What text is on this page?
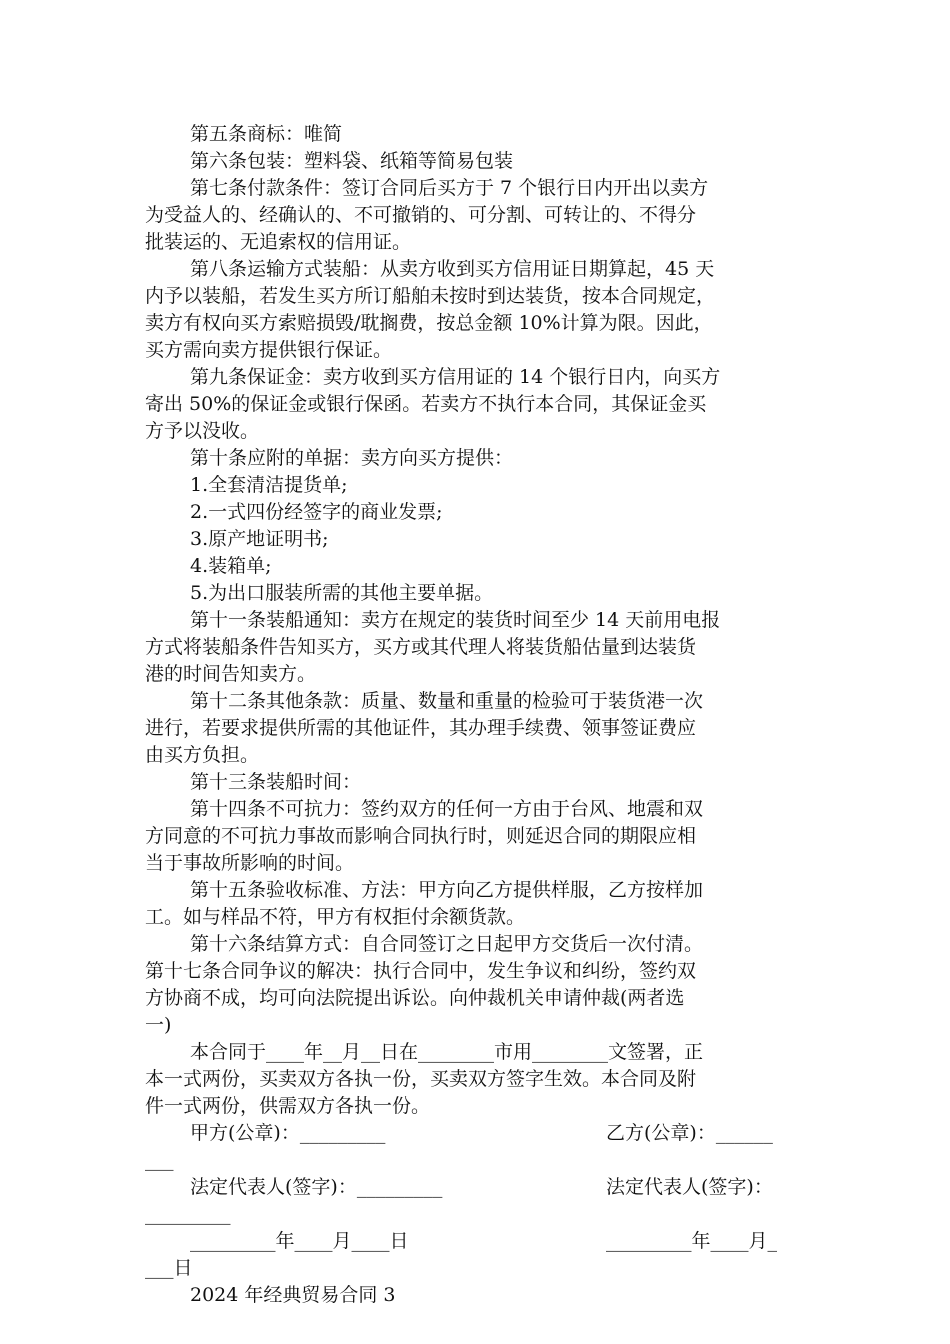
第五条商标：唯简
第六条包装：塑料袋、纸箱等简易包装
第七条付款条件：签订合同后买方于 7 个银行日内开出以卖方
为受益人的、经确认的、不可撤销的、可分割、可转让的、不得分
批装运的、无追索权的信用证。
第八条运输方式装船：从卖方收到买方信用证日期算起，45 天
内予以装船，若发生买方所订船舶未按时到达装货，按本合同规定，
卖方有权向买方索赔损毁/耽搁费，按总金额 10%计算为限。因此，
买方需向卖方提供银行保证。
第九条保证金：卖方收到买方信用证的 14 个银行日内，向买方
寄出 50%的保证金或银行保函。若卖方不执行本合同，其保证金买
方予以没收。
第十条应附的单据：卖方向买方提供：
1.全套清洁提货单;
2.一式四份经签字的商业发票;
3.原产地证明书;
4.装箱单;
5.为出口服装所需的其他主要单据。
第十一条装船通知：卖方在规定的装货时间至少 14 天前用电报
方式将装船条件告知买方，买方或其代理人将装货船估量到达装货
港的时间告知卖方。
第十二条其他条款：质量、数量和重量的检验可于装货港一次
进行，若要求提供所需的其他证件，其办理手续费、领事签证费应
由买方负担。
第十三条装船时间：
第十四条不可抗力：签约双方的任何一方由于台风、地震和双
方同意的不可抗力事故而影响合同执行时，则延迟合同的期限应相
当于事故所影响的时间。
第十五条验收标准、方法：甲方向乙方提供样服，乙方按样加
工。如与样品不符，甲方有权拒付余额货款。
第十六条结算方式：自合同签订之日起甲方交货后一次付清。
第十七条合同争议的解决：执行合同中，发生争议和纠纷，签约双
方协商不成，均可向法院提出诉讼。向仲裁机关申请仲裁(两者选
一)
本合同于____年__月__日在________市用________文签署，正
本一式两份，买卖双方各执一份，买卖双方签字生效。本合同及附
件一式两份，供需双方各执一份。
甲方(公章)：_________	乙方(公章)：______
___
法定代表人(签字)：_________	法定代表人(签字)：
_________
_________年____月____日	_________年____月_
___日
2024 年经典贸易合同 3
